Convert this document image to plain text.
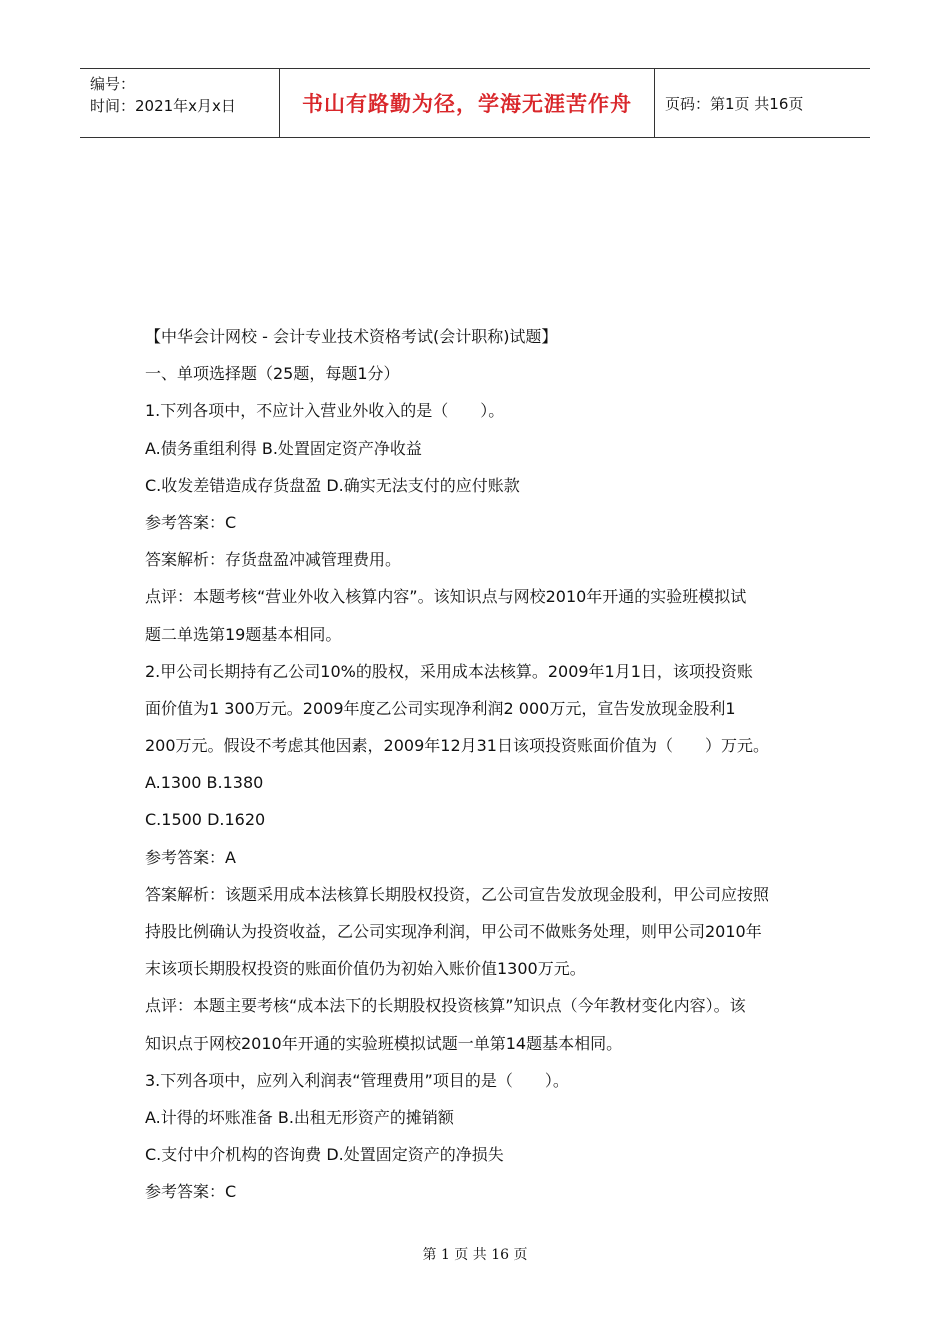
编号：
时间：2021年x月x日	书山有路勤为径，学海无涯苦作舟	页码：第1页 共16页
【中华会计网校 - 会计专业技术资格考试(会计职称)试题】
一、单项选择题（25题，每题1分）
1.下列各项中，不应计入营业外收入的是（　　）。
A.债务重组利得 B.处置固定资产净收益
C.收发差错造成存货盘盈 D.确实无法支付的应付账款
参考答案：C
答案解析：存货盘盈冲减管理费用。
点评：本题考核“营业外收入核算内容”。该知识点与网校2010年开通的实验班模拟试
题二单选第19题基本相同。
2.甲公司长期持有乙公司10%的股权，采用成本法核算。2009年1月1日，该项投资账
面价值为1 300万元。2009年度乙公司实现净利润2 000万元，宣告发放现金股利1
200万元。假设不考虑其他因素，2009年12月31日该项投资账面价值为（　　）万元。
A.1300 B.1380
C.1500 D.1620
参考答案：A
答案解析：该题采用成本法核算长期股权投资，乙公司宣告发放现金股利，甲公司应按照
持股比例确认为投资收益，乙公司实现净利润，甲公司不做账务处理，则甲公司2010年
末该项长期股权投资的账面价值仍为初始入账价值1300万元。
点评：本题主要考核“成本法下的长期股权投资核算”知识点（今年教材变化内容）。该
知识点于网校2010年开通的实验班模拟试题一单第14题基本相同。
3.下列各项中，应列入利润表“管理费用”项目的是（　　）。
A.计得的坏账准备 B.出租无形资产的摊销额
C.支付中介机构的咨询费 D.处置固定资产的净损失
参考答案：C
第 1 页 共 16 页
